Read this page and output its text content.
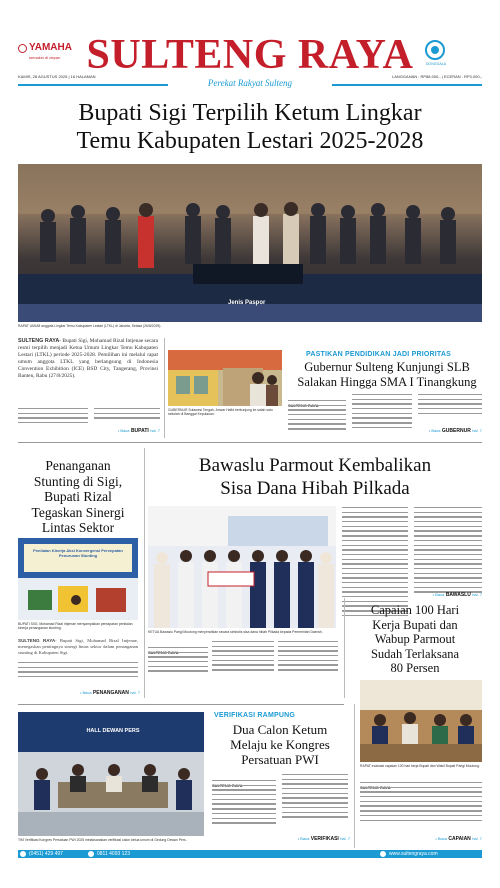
YAMAHA
semakin di depan SULTENG RAYA
Perekat Rakyat Sulteng
DONGGALA
KAMIS, 28 AGUSTUS 2025 | 16 HALAMAN	LANGGANAN : RP88.000,- | ECERAN : RP3.000,-
Bupati Sigi Terpilih Ketum Lingkar
Temu Kabupaten Lestari 2025-2028
Jenis Paspor
RAPAT UMUM anggota Lingkar Temu Kabupaten Lestari (LTKL) di Jakarta, Selasa (26/8/2025).
SULTENG RAYA- Bupati Sigi, Mohamad Rizal Intjenae secara resmi terpilih menjadi Ketua Umum Lingkar Temu Kabupaten Lestari (LTKL) periode 2025-2028. Pemilihan ini melalui rapat umum anggota LTKL yang berlangsung di Indonesia Convention Exhibition (ICE) BSD City, Tangerang, Provinsi Banten, Rabu (27/8/2025).
• Baca BUPATI hal. 7
GUBERNUR Sulawesi Tengah, Anwar Hafid berkunjung ke salah satu sekolah di Banggai Kepulauan.
PASTIKAN PENDIDIKAN JADI PRIORITAS
Gubernur Sulteng Kunjungi SLB
Salakan Hingga SMA I Tinangkung
• Baca GUBERNUR hal. 7
Penanganan
Stunting di Sigi,
Bupati Rizal
Tegaskan Sinergi
Lintas Sektor
Penilaian Kinerja Aksi Konvergensi Percepatan Penurunan Stunting
BUPATI SIGI, Mohamad Rizal Intjenae menyampaikan pemaparan penilaian kinerja penanganan stunting.
SULTENG RAYA- Bupati Sigi, Mohamad Rizal Intjenae, menegaskan pentingnya sinergi lintas sektor dalam penanganan stunting di Kabupaten Sigi.
• Baca PENANGANAN hal. 7
Bawaslu Parmout Kembalikan
Sisa Dana Hibah Pilkada
KETUA Bawaslu Parigi Moutong menyerahkan secara simbolis sisa dana hibah Pilkada kepada Pemerintah Daerah.
• Baca BAWASLU hal. 7
Capaian 100 Hari
Kerja Bupati dan
Wabup Parmout
Sudah Terlaksana
80 Persen
RAPAT evaluasi capaian 100 hari kerja Bupati dan Wakil Bupati Parigi Moutong.
• Baca CAPAIAN hal. 7
HALL DEWAN PERS
TIM Verifikasi Kongres Persatuan PWI 2025 melaksanakan verifikasi calon ketua umum di Gedung Dewan Pers.
VERIFIKASI RAMPUNG
Dua Calon Ketum
Melaju ke Kongres
Persatuan PWI
• Baca VERIFIKASI hal. 7
(0451) 429 497	0811 4093 123	www.sultengraya.com
